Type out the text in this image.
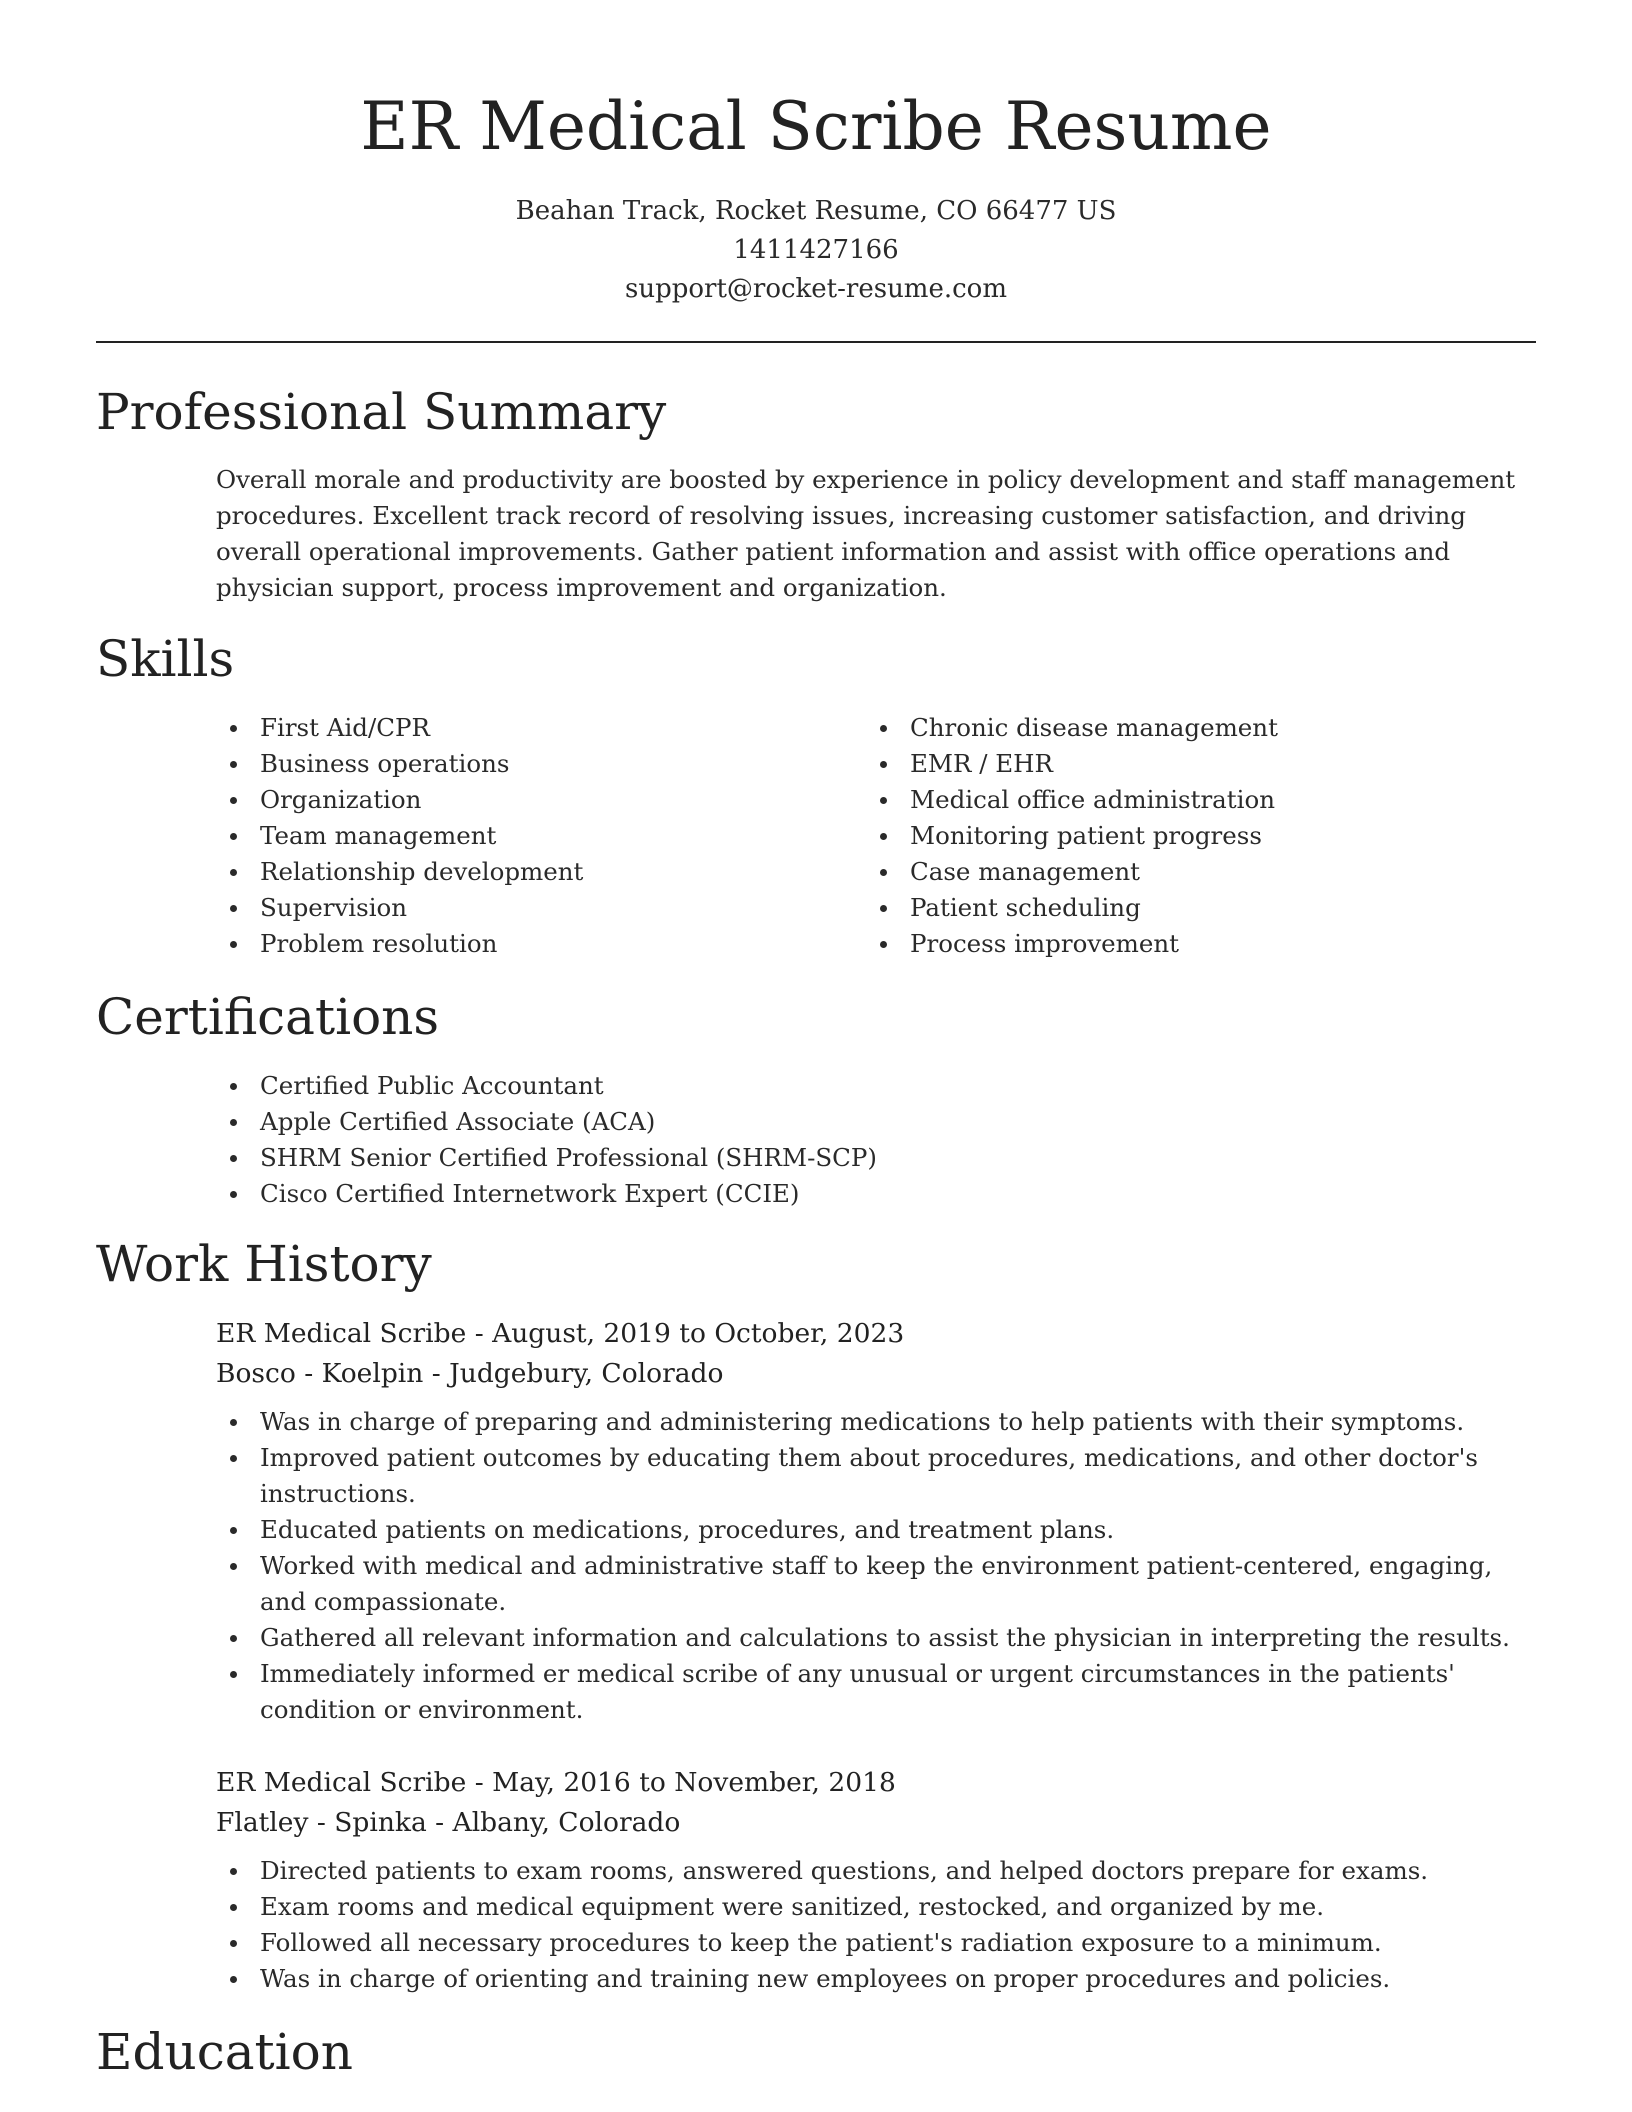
ER Medical Scribe Resume
Beahan Track, Rocket Resume, CO 66477 US
1411427166
support@rocket-resume.com
Professional Summary

Overall morale and productivity are boosted by experience in policy development and staff management procedures. Excellent track record of resolving issues, increasing customer satisfaction, and driving overall operational improvements. Gather patient information and assist with office operations and physician support, process improvement and organization.

Skills
First Aid/CPR
Business operations
Organization
Team management
Relationship development
Supervision
Problem resolution
Chronic disease management
EMR / EHR
Medical office administration
Monitoring patient progress
Case management
Patient scheduling
Process improvement
Certifications
Certified Public Accountant
Apple Certified Associate (ACA)
SHRM Senior Certified Professional (SHRM-SCP)
Cisco Certified Internetwork Expert (CCIE)
Work History
ER Medical Scribe - August, 2019 to October, 2023
Bosco - Koelpin - Judgebury, Colorado
Was in charge of preparing and administering medications to help patients with their symptoms.
Improved patient outcomes by educating them about procedures, medications, and other doctor's instructions.
Educated patients on medications, procedures, and treatment plans.
Worked with medical and administrative staff to keep the environment patient-centered, engaging, and compassionate.
Gathered all relevant information and calculations to assist the physician in interpreting the results.
Immediately informed er medical scribe of any unusual or urgent circumstances in the patients' condition or environment.
ER Medical Scribe - May, 2016 to November, 2018
Flatley - Spinka - Albany, Colorado
Directed patients to exam rooms, answered questions, and helped doctors prepare for exams.
Exam rooms and medical equipment were sanitized, restocked, and organized by me.
Followed all necessary procedures to keep the patient's radiation exposure to a minimum.
Was in charge of orienting and training new employees on proper procedures and policies.
Education
